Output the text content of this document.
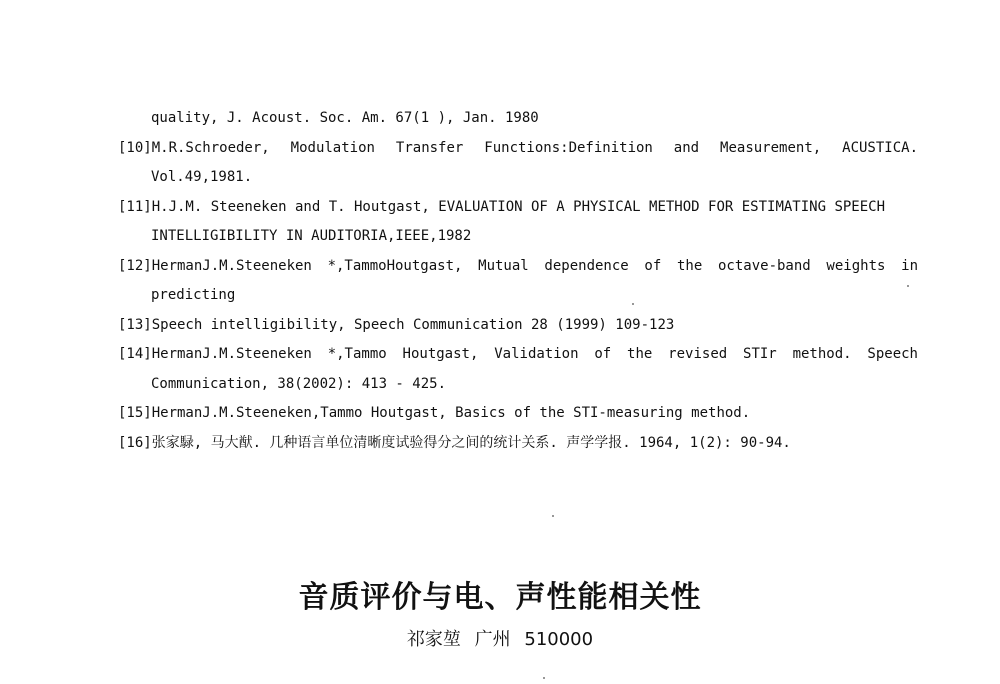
quality, J. Acoust. Soc. Am. 67(1 ), Jan. 1980
[10]M.R.Schroeder, Modulation Transfer Functions:Definition and Measurement, ACUSTICA.
Vol.49,1981.
[11]H.J.M. Steeneken and T. Houtgast, EVALUATION OF A PHYSICAL METHOD FOR ESTIMATING SPEECH
INTELLIGIBILITY IN AUDITORIA,IEEE,1982
[12]HermanJ.M.Steeneken *,TammoHoutgast, Mutual dependence of the octave-band weights in
predicting
[13]Speech intelligibility, Speech Communication 28 (1999) 109-123
[14]HermanJ.M.Steeneken *,Tammo Houtgast, Validation of the revised STIr method. Speech
Communication, 38(2002): 413 - 425.
[15]HermanJ.M.Steeneken,Tammo Houtgast, Basics of the STI-measuring method.
[16]张家騄, 马大猷. 几种语言单位清晰度试验得分之间的统计关系. 声学学报. 1964, 1(2): 90-94.
音质评价与电、声性能相关性
祁家堃 广州 510000
